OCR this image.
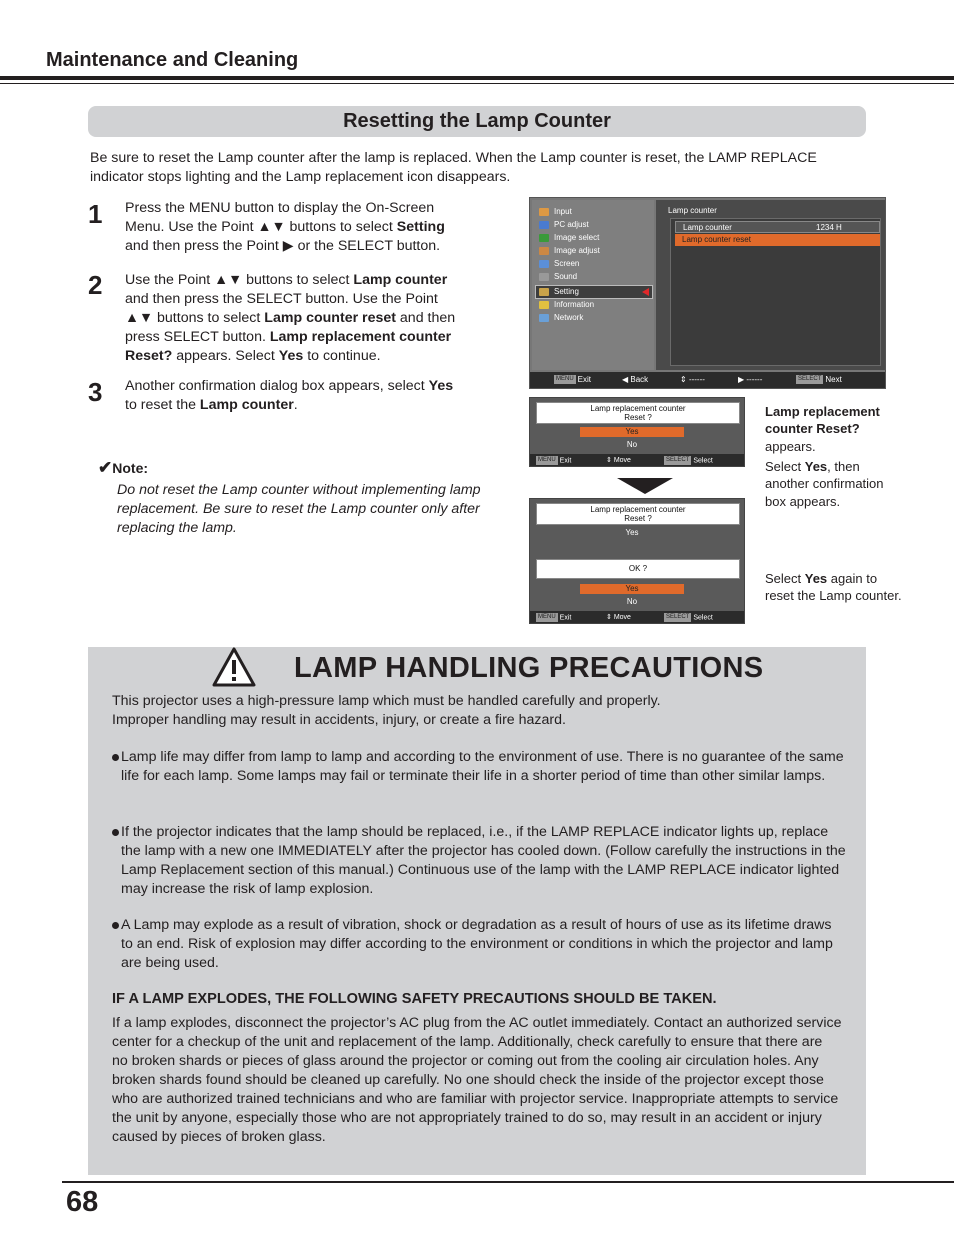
Maintenance and Cleaning
Resetting the Lamp Counter
Be sure to reset the Lamp counter after the lamp is replaced. When the Lamp counter is reset, the LAMP REPLACE indicator stops lighting and the Lamp replacement icon disappears.
1 Press the MENU button to display the On-Screen
Menu. Use the Point ▲▼ buttons to select Setting
and then press the Point ▶ or the SELECT button.
2 Use the Point ▲▼ buttons to select Lamp counter
and then press the SELECT button. Use the Point
▲▼ buttons to select Lamp counter reset and then
press SELECT button. Lamp replacement counter
Reset? appears. Select Yes to continue.
3 Another confirmation dialog box appears, select Yes
to reset the Lamp counter.
✔Note:
Do not reset the Lamp counter without implementing lamp replacement. Be sure to reset the Lamp counter only after replacing the lamp.
Input
PC adjust
Image select
Image adjust
Screen
Sound
Setting
Information
Network
Lamp counter
Lamp counter	1234 H
Lamp counter reset
MENU Exit	◀ Back	⇕ ------	▶ ------	SELECT Next
Lamp replacement counter
Reset ?
Yes
No
MENU Exit	⇕ Move	SELECT Select
Lamp replacement counter
Reset ?
Yes
OK ?
Yes
No
MENU Exit	⇕ Move	SELECT Select
Lamp replacement counter Reset?
appears.
Select Yes, then another confirmation box appears.
Select Yes again to reset the Lamp counter.
LAMP HANDLING PRECAUTIONS
This projector uses a high-pressure lamp which must be handled carefully and properly.
Improper handling may result in accidents, injury, or create a fire hazard.
Lamp life may differ from lamp to lamp and according to the environment of use. There is no guarantee of the same life for each lamp. Some lamps may fail or terminate their life in a shorter period of time than other similar lamps.
If the projector indicates that the lamp should be replaced, i.e., if the LAMP REPLACE indicator lights up, replace the lamp with a new one IMMEDIATELY after the projector has cooled down. (Follow carefully the instructions in the Lamp Replacement section of this manual.) Continuous use of the lamp with the LAMP REPLACE indicator lighted may increase the risk of lamp explosion.
A Lamp may explode as a result of vibration, shock or degradation as a result of hours of use as its lifetime draws to an end. Risk of explosion may differ according to the environment or conditions in which the projector and lamp are being used.
IF A LAMP EXPLODES, THE FOLLOWING SAFETY PRECAUTIONS SHOULD BE TAKEN.
If a lamp explodes, disconnect the projector’s AC plug from the AC outlet immediately. Contact an authorized service center for a checkup of the unit and replacement of the lamp. Additionally, check carefully to ensure that there are no broken shards or pieces of glass around the projector or coming out from the cooling air circulation holes. Any broken shards found should be cleaned up carefully. No one should check the inside of the projector except those who are authorized trained technicians and who are familiar with projector service. Inappropriate attempts to service the unit by anyone, especially those who are not appropriately trained to do so, may result in an accident or injury caused by pieces of broken glass.
68
